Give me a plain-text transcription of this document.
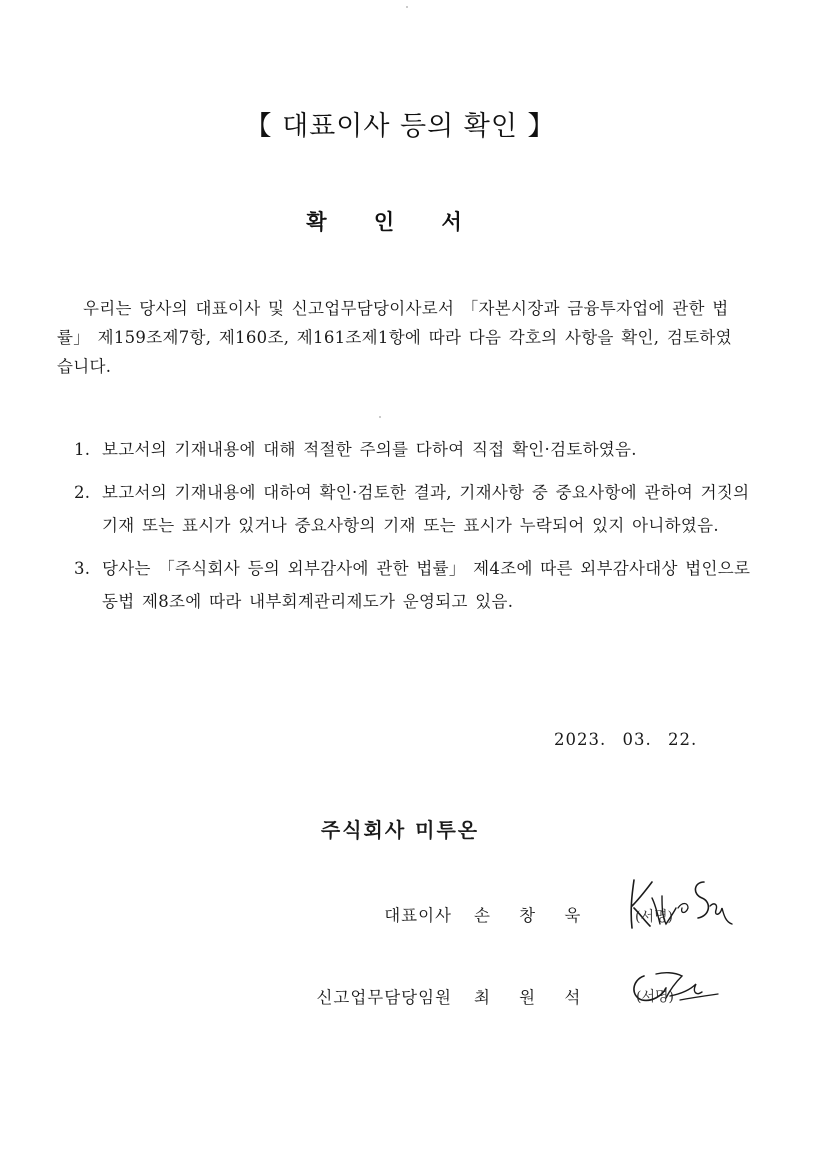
【 대표이사 등의 확인 】
확 인 서
우리는 당사의 대표이사 및 신고업무담당이사로서 「자본시장과 금융투자업에 관한 법률」 제159조제7항, 제160조, 제161조제1항에 따라 다음 각호의 사항을 확인, 검토하였습니다.
1. 보고서의 기재내용에 대해 적절한 주의를 다하여 직접 확인·검토하였음.
2. 보고서의 기재내용에 대하여 확인·검토한 결과, 기재사항 중 중요사항에 관하여 거짓의 기재 또는 표시가 있거나 중요사항의 기재 또는 표시가 누락되어 있지 아니하였음.
3. 당사는 「주식회사 등의 외부감사에 관한 법률」 제4조에 따른 외부감사대상 법인으로 동법 제8조에 따라 내부회계관리제도가 운영되고 있음.
2023. 03. 22.
주식회사 미투온
대표이사 손 창 욱	(서명)
신고업무담당임원 최 원 석	(서명)
